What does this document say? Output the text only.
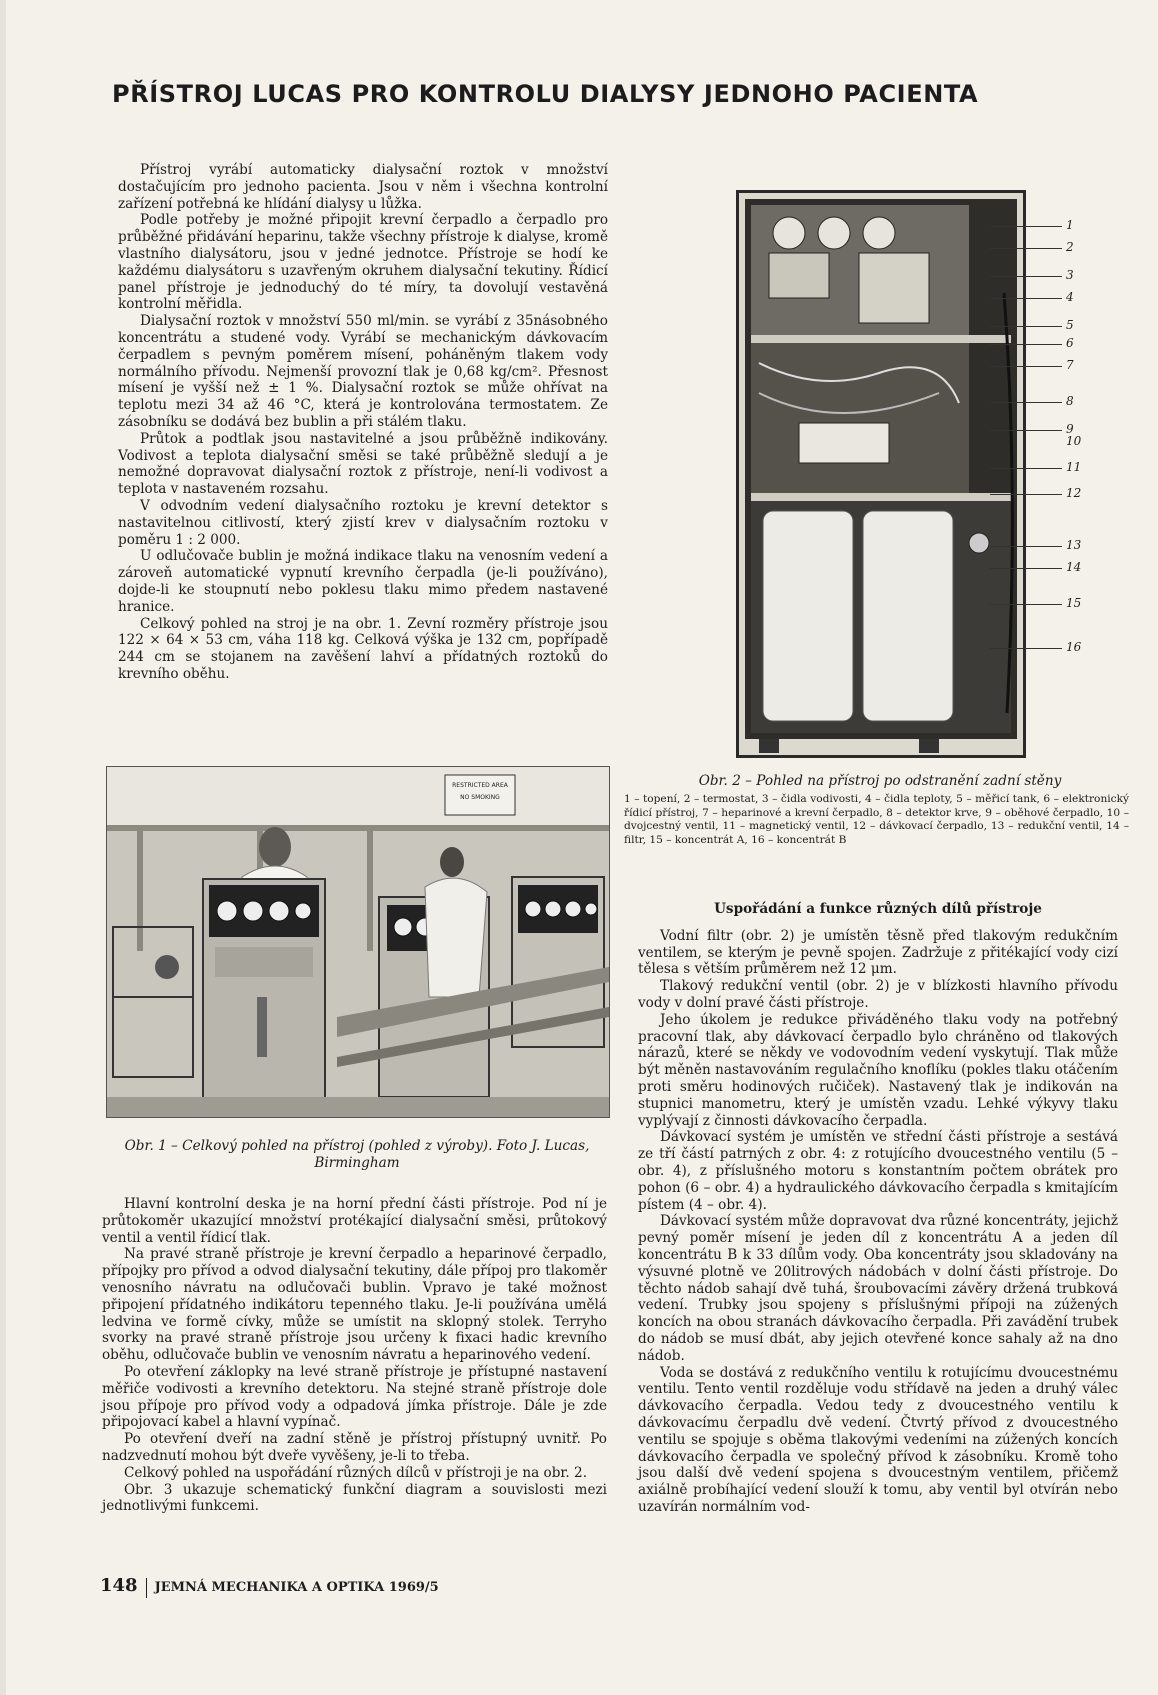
PŘÍSTROJ LUCAS PRO KONTROLU DIALYSY JEDNOHO PACIENTA

Přístroj vyrábí automaticky dialysační roztok v množství dostačujícím pro jednoho pacienta. Jsou v něm i všechna kontrolní zařízení potřebná ke hlídání dialysy u lůžka.

Podle potřeby je možné připojit krevní čerpadlo a čerpadlo pro průběžné přidávání heparinu, takže všechny přístroje k dialyse, kromě vlastního dialysátoru, jsou v jedné jednotce. Přístroje se hodí ke každému dialysátoru s uzavřeným okruhem dialysační tekutiny. Řídicí panel přístroje je jednoduchý do té míry, ta dovolují vestavěná kontrolní měřidla.

Dialysační roztok v množství 550 ml/min. se vyrábí z 35násobného koncentrátu a studené vody. Vyrábí se mechanickým dávkovacím čerpadlem s pevným poměrem mísení, poháněným tlakem vody normálního přívodu. Nejmenší provozní tlak je 0,68 kg/cm². Přesnost mísení je vyšší než ± 1 %. Dialysační roztok se může ohřívat na teplotu mezi 34 až 46 °C, která je kontrolována termostatem. Ze zásobníku se dodává bez bublin a při stálém tlaku.

Průtok a podtlak jsou nastavitelné a jsou průběžně indikovány. Vodivost a teplota dialysační směsi se také průběžně sledují a je nemožné dopravovat dialysační roztok z přístroje, není-li vodivost a teplota v nastaveném rozsahu.

V odvodním vedení dialysačního roztoku je krevní detektor s nastavitelnou citlivostí, který zjistí krev v dialysačním roztoku v poměru 1 : 2 000.

U odlučovače bublin je možná indikace tlaku na venosním vedení a zároveň automatické vypnutí krevního čerpadla (je-li používáno), dojde-li ke stoupnutí nebo poklesu tlaku mimo předem nastavené hranice.

Celkový pohled na stroj je na obr. 1. Zevní rozměry přístroje jsou 122 × 64 × 53 cm, váha 118 kg. Celková výška je 132 cm, popřípadě 244 cm se stojanem na zavěšení lahví a přídatných roztoků do krevního oběhu.

RESTRICTED AREA
NO SMOKING
Obr. 1 – Celkový pohled na přístroj (pohled z výroby). Foto J. Lucas, Birmingham

Hlavní kontrolní deska je na horní přední části přístroje. Pod ní je průtokoměr ukazující množství protékající dialysační směsi, průtokový ventil a ventil řídicí tlak.

Na pravé straně přístroje je krevní čerpadlo a heparinové čerpadlo, přípojky pro přívod a odvod dialysační tekutiny, dále přípoj pro tlakoměr venosního návratu na odlučovači bublin. Vpravo je také možnost připojení přídatného indikátoru tepenného tlaku. Je-li používána umělá ledvina ve formě cívky, může se umístit na sklopný stolek. Terryho svorky na pravé straně přístroje jsou určeny k fixaci hadic krevního oběhu, odlučovače bublin ve venosním návratu a heparinového vedení.

Po otevření záklopky na levé straně přístroje je přístupné nastavení měřiče vodivosti a krevního detektoru. Na stejné straně přístroje dole jsou přípoje pro přívod vody a odpadová jímka přístroje. Dále je zde připojovací kabel a hlavní vypínač.

Po otevření dveří na zadní stěně je přístroj přístupný uvnitř. Po nadzvednutí mohou být dveře vyvěšeny, je-li to třeba.

Celkový pohled na uspořádání různých dílců v přístroji je na obr. 2.

Obr. 3 ukazuje schematický funkční diagram a souvislosti mezi jednotlivými funkcemi.

1
2
3
4
5
6
7
8
9
10
11
12
13
14
15
16
Obr. 2 – Pohled na přístroj po odstranění zadní stěny
1 – topení, 2 – termostat, 3 – čidla vodivosti, 4 – čidla teploty, 5 – měřicí tank, 6 – elektronický řídicí přístroj, 7 – heparinové a krevní čerpadlo, 8 – detektor krve, 9 – oběhové čerpadlo, 10 – dvojcestný ventil, 11 – magnetický ventil, 12 – dávkovací čerpadlo, 13 – redukční ventil, 14 – filtr, 15 – koncentrát A, 16 – koncentrát B

Uspořádání a funkce různých dílů přístroje

Vodní filtr (obr. 2) je umístěn těsně před tlakovým redukčním ventilem, se kterým je pevně spojen. Zadržuje z přitékající vody cizí tělesa s větším průměrem než 12 μm.

Tlakový redukční ventil (obr. 2) je v blízkosti hlavního přívodu vody v dolní pravé části přístroje.

Jeho úkolem je redukce přiváděného tlaku vody na potřebný pracovní tlak, aby dávkovací čerpadlo bylo chráněno od tlakových nárazů, které se někdy ve vodovodním vedení vyskytují. Tlak může být měněn nastavováním regulačního knoflíku (pokles tlaku otáčením proti směru hodinových ručiček). Nastavený tlak je indikován na stupnici manometru, který je umístěn vzadu. Lehké výkyvy tlaku vyplývají z činnosti dávkovacího čerpadla.

Dávkovací systém je umístěn ve střední části přístroje a sestává ze tří částí patrných z obr. 4: z rotujícího dvoucestného ventilu (5 – obr. 4), z příslušného motoru s konstantním počtem obrátek pro pohon (6 – obr. 4) a hydraulického dávkovacího čerpadla s kmitajícím pístem (4 – obr. 4).

Dávkovací systém může dopravovat dva různé koncentráty, jejichž pevný poměr mísení je jeden díl z koncentrátu A a jeden díl koncentrátu B k 33 dílům vody. Oba koncentráty jsou skladovány na výsuvné plotně ve 20litrových nádobách v dolní části přístroje. Do těchto nádob sahají dvě tuhá, šroubovacími závěry držená trubková vedení. Trubky jsou spojeny s příslušnými přípoji na zúžených koncích na obou stranách dávkovacího čerpadla. Při zavádění trubek do nádob se musí dbát, aby jejich otevřené konce sahaly až na dno nádob.

Voda se dostává z redukčního ventilu k rotujícímu dvoucestnému ventilu. Tento ventil rozděluje vodu střídavě na jeden a druhý válec dávkovacího čerpadla. Vedou tedy z dvoucestného ventilu k dávkovacímu čerpadlu dvě vedení. Čtvrtý přívod z dvoucestného ventilu se spojuje s oběma tlakovými vedeními na zúžených koncích dávkovacího čerpadla ve společný přívod k zásobníku. Kromě toho jsou další dvě vedení spojena s dvoucestným ventilem, přičemž axiálně probíhající vedení slouží k tomu, aby ventil byl otvírán nebo uzavírán normálním vod-

148 JEMNÁ MECHANIKA A OPTIKA 1969/5
